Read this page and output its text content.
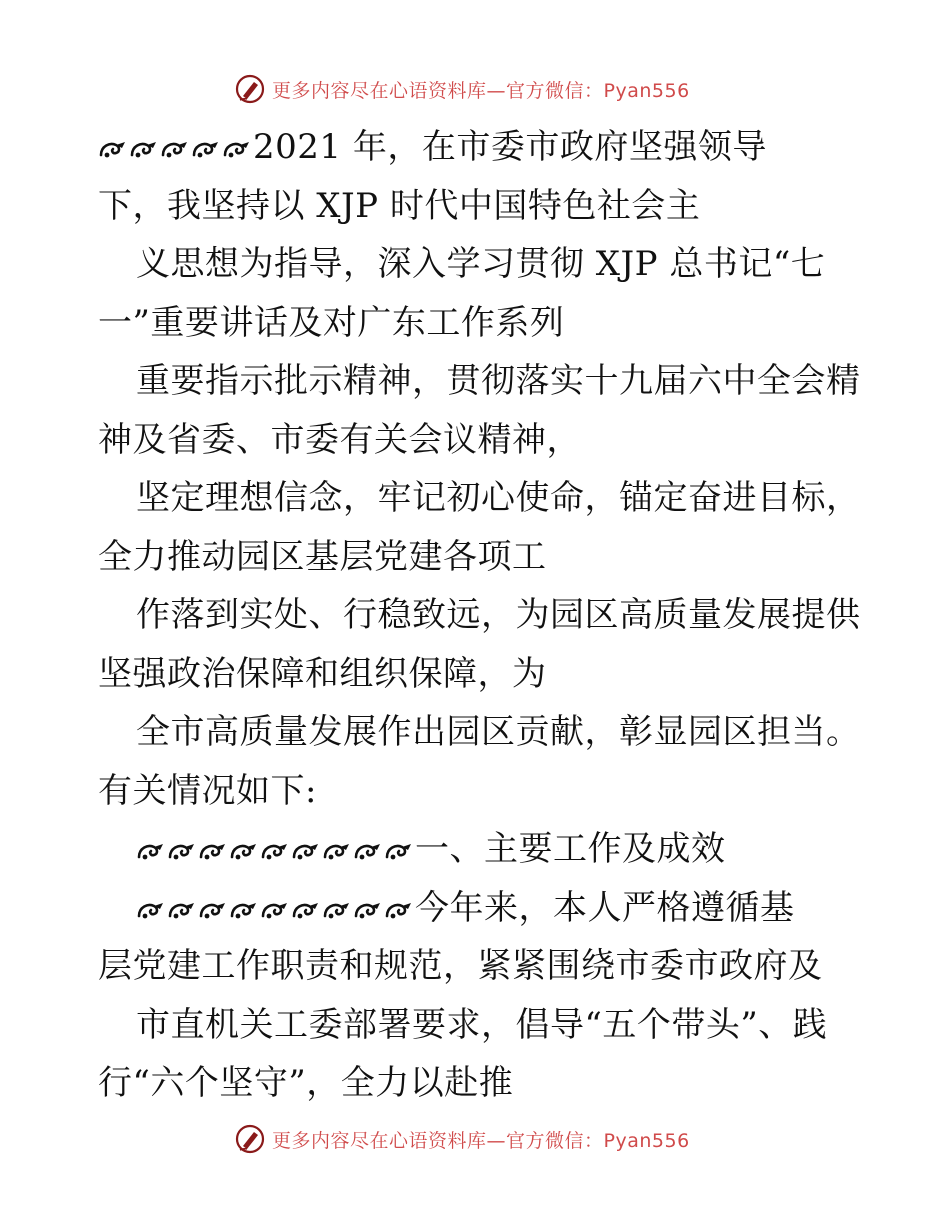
更多内容尽在心语资料库—官方微信：Pyan556
2021 年，在市委市政府坚强领导
下，我坚持以 XJP 时代中国特色社会主
义思想为指导，深入学习贯彻 XJP 总书记“七
一”重要讲话及对广东工作系列
重要指示批示精神，贯彻落实十九届六中全会精
神及省委、市委有关会议精神，
坚定理想信念，牢记初心使命，锚定奋进目标，
全力推动园区基层党建各项工
作落到实处、行稳致远，为园区高质量发展提供
坚强政治保障和组织保障，为
全市高质量发展作出园区贡献，彰显园区担当。
有关情况如下:
一、主要工作及成效
今年来，本人严格遵循基
层党建工作职责和规范，紧紧围绕市委市政府及
市直机关工委部署要求，倡导“五个带头”、践
行“六个坚守”，全力以赴推
更多内容尽在心语资料库—官方微信：Pyan556
